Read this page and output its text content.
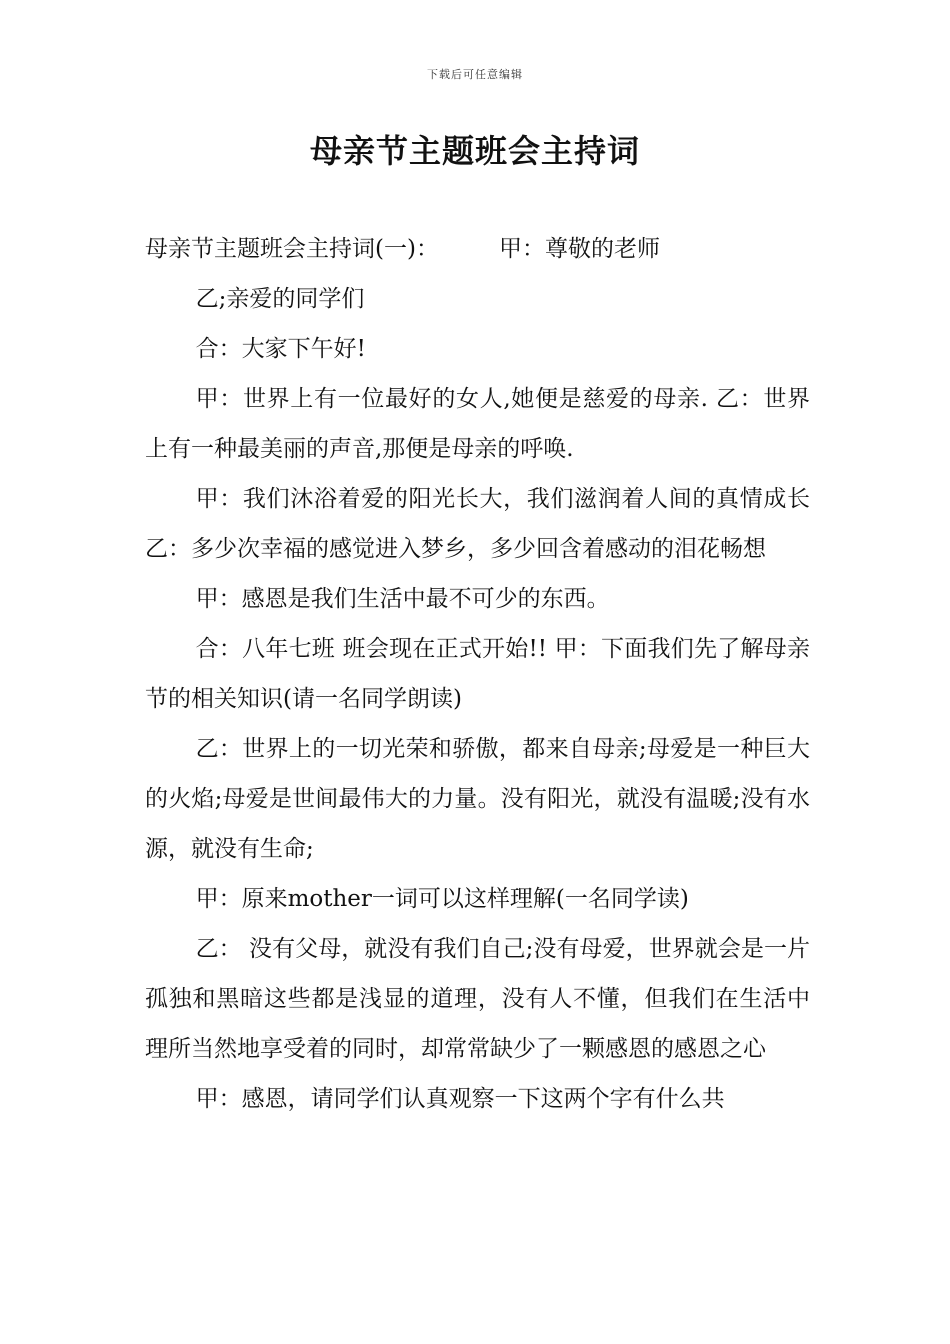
下载后可任意编辑
母亲节主题班会主持词

母亲节主题班会主持词(一)：	甲：尊敬的老师

乙;亲爱的同学们

合：大家下午好!

甲：世界上有一位最好的女人,她便是慈爱的母亲. 乙：世界上有一种最美丽的声音,那便是母亲的呼唤.

甲：我们沐浴着爱的阳光长大，我们滋润着人间的真情成长 乙：多少次幸福的感觉进入梦乡，多少回含着感动的泪花畅想

甲：感恩是我们生活中最不可少的东西。

合：八年七班 班会现在正式开始!! 甲：下面我们先了解母亲节的相关知识(请一名同学朗读)

乙：世界上的一切光荣和骄傲，都来自母亲;母爱是一种巨大的火焰;母爱是世间最伟大的力量。没有阳光，就没有温暖;没有水源，就没有生命;

甲：原来mother一词可以这样理解(一名同学读)

乙： 没有父母，就没有我们自己;没有母爱，世界就会是一片孤独和黑暗这些都是浅显的道理，没有人不懂，但我们在生活中理所当然地享受着的同时，却常常缺少了一颗感恩的感恩之心

甲：感恩，请同学们认真观察一下这两个字有什么共
